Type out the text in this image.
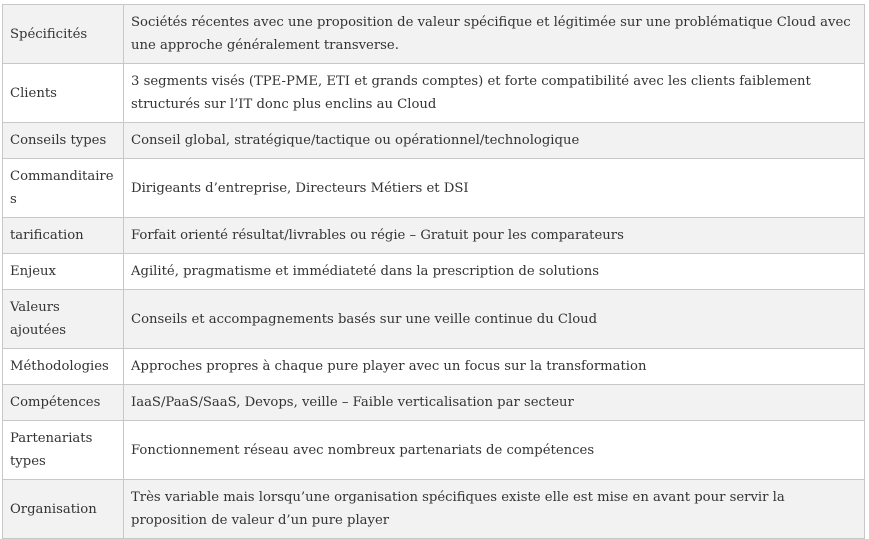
Spécificités	Sociétés récentes avec une proposition de valeur spécifique et légitimée sur une problématique Cloud avec une approche généralement transverse.
Clients	3 segments visés (TPE-PME, ETI et grands comptes) et forte compatibilité avec les clients faiblement structurés sur l’IT donc plus enclins au Cloud
Conseils types	Conseil global, stratégique/tactique ou opérationnel/technologique
Commanditaires	Dirigeants d’entreprise, Directeurs Métiers et DSI
tarification	Forfait orienté résultat/livrables ou régie – Gratuit pour les comparateurs
Enjeux	Agilité, pragmatisme et immédiateté dans la prescription de solutions
Valeurs ajoutées	Conseils et accompagnements basés sur une veille continue du Cloud
Méthodologies	Approches propres à chaque pure player avec un focus sur la transformation
Compétences	IaaS/PaaS/SaaS, Devops, veille – Faible verticalisation par secteur
Partenariats types	Fonctionnement réseau avec nombreux partenariats de compétences
Organisation	Très variable mais lorsqu’une organisation spécifiques existe elle est mise en avant pour servir la proposition de valeur d’un pure player
